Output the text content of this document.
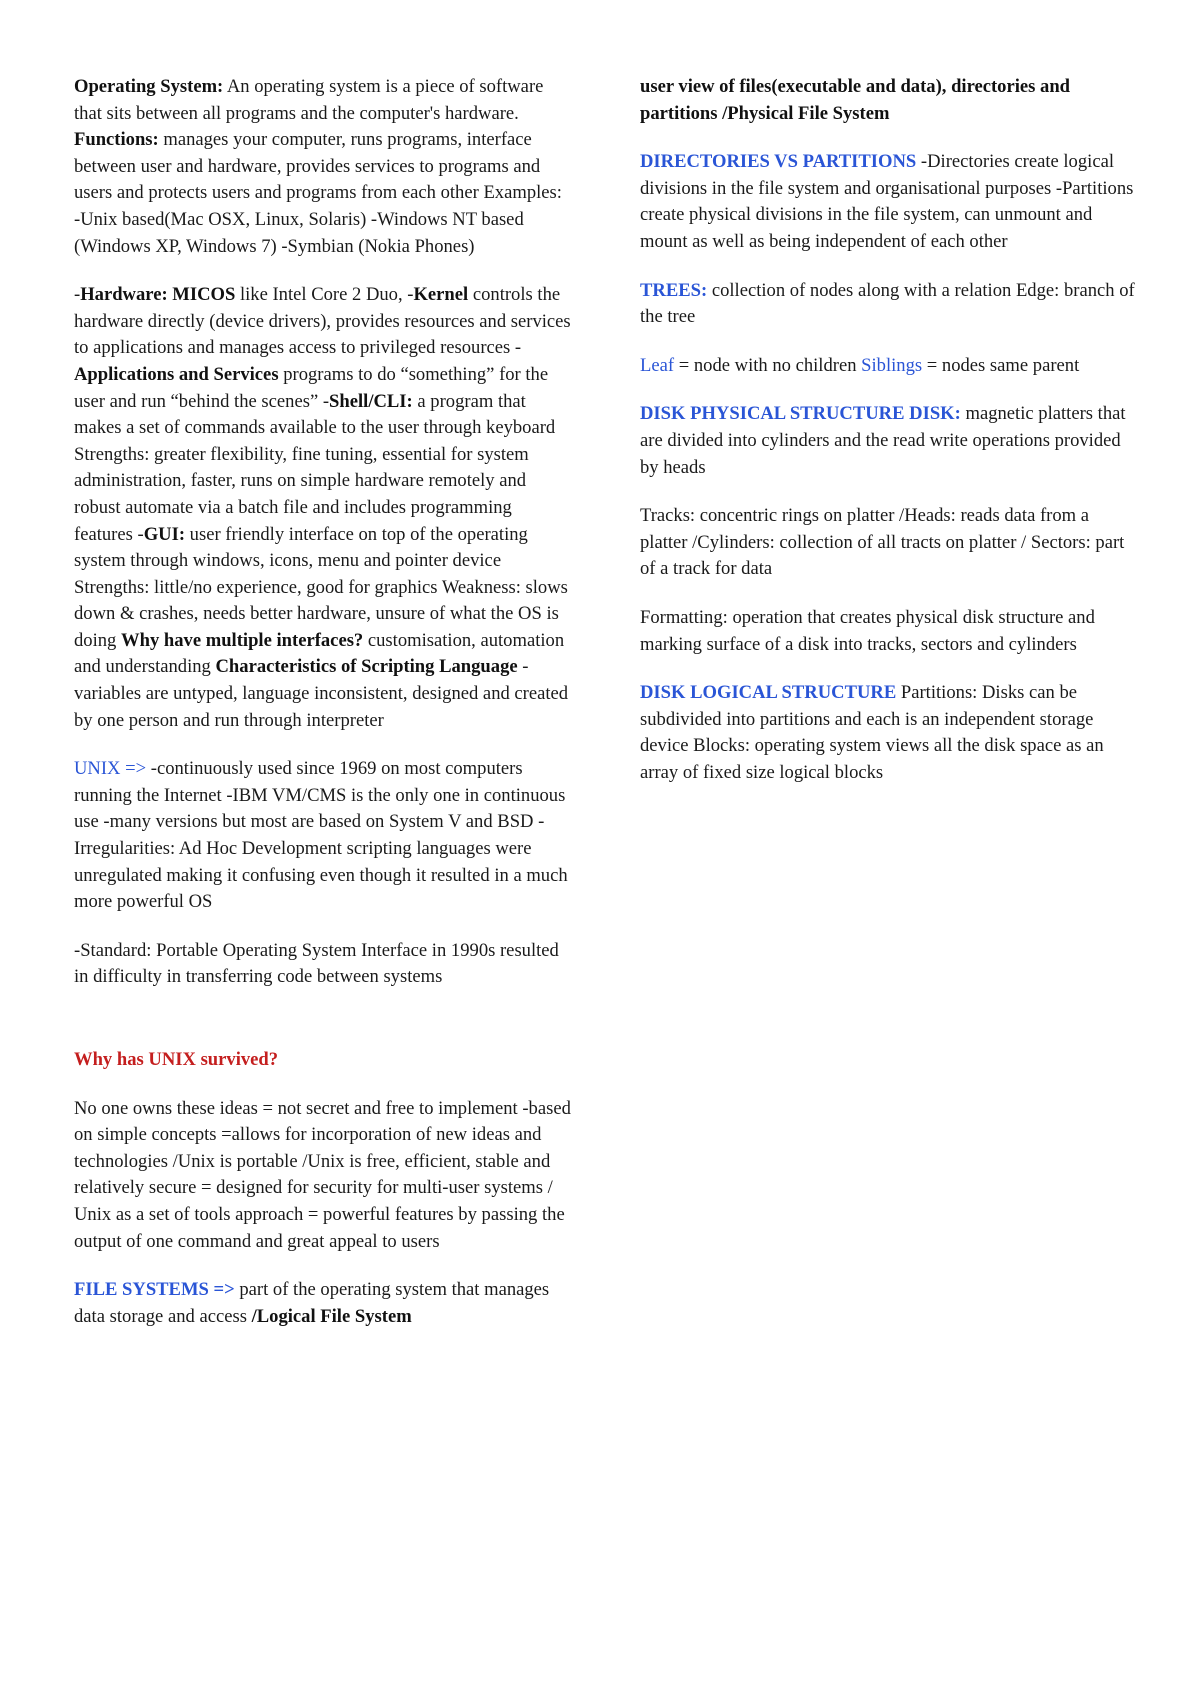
Operating System: An operating system is a piece of software that sits between all programs and the computer's hardware. Functions: manages your computer, runs programs, interface between user and hardware, provides services to programs and users and protects users and programs from each other Examples: -Unix based(Mac OSX, Linux, Solaris) -Windows NT based (Windows XP, Windows 7) -Symbian (Nokia Phones)

-Hardware: MICOS like Intel Core 2 Duo, -Kernel controls the hardware directly (device drivers), provides resources and services to applications and manages access to privileged resources -Applications and Services programs to do “something” for the user and run “behind the scenes” -Shell/CLI: a program that makes a set of commands available to the user through keyboard Strengths: greater flexibility, fine tuning, essential for system administration, faster, runs on simple hardware remotely and robust automate via a batch file and includes programming features -GUI: user friendly interface on top of the operating system through windows, icons, menu and pointer device Strengths: little/no experience, good for graphics Weakness: slows down & crashes, needs better hardware, unsure of what the OS is doing Why have multiple interfaces? customisation, automation and understanding Characteristics of Scripting Language -variables are untyped, language inconsistent, designed and created by one person and run through interpreter

UNIX => -continuously used since 1969 on most computers running the Internet -IBM VM/CMS is the only one in continuous use -many versions but most are based on System V and BSD -Irregularities: Ad Hoc Development scripting languages were unregulated making it confusing even though it resulted in a much more powerful OS

-Standard: Portable Operating System Interface in 1990s resulted in difficulty in transferring code between systems

Why has UNIX survived?

No one owns these ideas = not secret and free to implement -based on simple concepts =allows for incorporation of new ideas and technologies /Unix is portable /Unix is free, efficient, stable and relatively secure = designed for security for multi-user systems / Unix as a set of tools approach = powerful features by passing the output of one command and great appeal to users

FILE SYSTEMS => part of the operating system that manages data storage and access /Logical File System

user view of files(executable and data), directories and partitions /Physical File System

DIRECTORIES VS PARTITIONS -Directories create logical divisions in the file system and organisational purposes -Partitions create physical divisions in the file system, can unmount and mount as well as being independent of each other

TREES: collection of nodes along with a relation Edge: branch of the tree

Leaf = node with no children Siblings = nodes same parent

DISK PHYSICAL STRUCTURE DISK: magnetic platters that are divided into cylinders and the read write operations provided by heads

Tracks: concentric rings on platter /Heads: reads data from a platter /Cylinders: collection of all tracts on platter / Sectors: part of a track for data

Formatting: operation that creates physical disk structure and marking surface of a disk into tracks, sectors and cylinders

DISK LOGICAL STRUCTURE Partitions: Disks can be subdivided into partitions and each is an independent storage device Blocks: operating system views all the disk space as an array of fixed size logical blocks
